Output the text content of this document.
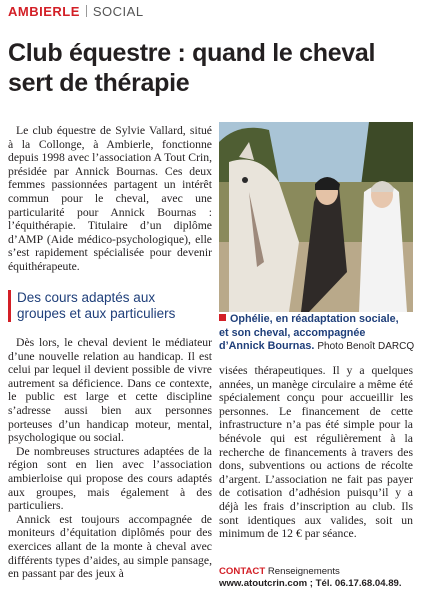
AMBIERLE SOCIAL
Club équestre : quand le cheval
sert de thérapie

Le club équestre de Sylvie Vallard, situé à la Collonge, à Ambierle, fonctionne depuis 1998 avec l’association A Tout Crin, présidée par Annick Bournas. Ces deux femmes passionnées partagent un intérêt commun pour le cheval, avec une particularité pour Annick Bournas : l’équithérapie. Titulaire d’un diplôme d’AMP (Aide médico-psychologique), elle s’est rapidement spécialisée pour devenir équithérapeute.

Des cours adaptés aux
groupes et aux particuliers

Dès lors, le cheval devient le médiateur d’une nouvelle relation au handicap. Il est celui par lequel il devient possible de vivre autrement sa déficience. Dans ce contexte, le public est large et cette discipline s’adresse aussi bien aux personnes porteuses d’un handicap moteur, mental, psychologique ou social.

De nombreuses structures adaptées de la région sont en lien avec l’association ambierloise qui propose des cours adaptés aux groupes, mais également à des particuliers.

Annick est toujours accompagnée de moniteurs d’équitation diplômés pour des exercices allant de la monte à cheval avec différents types d’aides, au simple pansage, en passant par des jeux à

Ophélie, en réadaptation sociale,
et son cheval, accompagnée
d’Annick Bournas. Photo Benoît DARCQ

visées thérapeutiques. Il y a quelques années, un manège circulaire a même été spécialement conçu pour accueillir les personnes. Le financement de cette infrastructure n’a pas été simple pour la bénévole qui est régulièrement à la recherche de financements à travers des dons, subventions ou actions de récolte d’argent. L’association ne fait pas payer de cotisation d’adhésion puisqu’il y a déjà les frais d’inscription au club. Ils sont identiques aux valides, soit un minimum de 12 € par séance.

CONTACT Renseignements
www.atoutcrin.com ; Tél. 06.17.68.04.89.
